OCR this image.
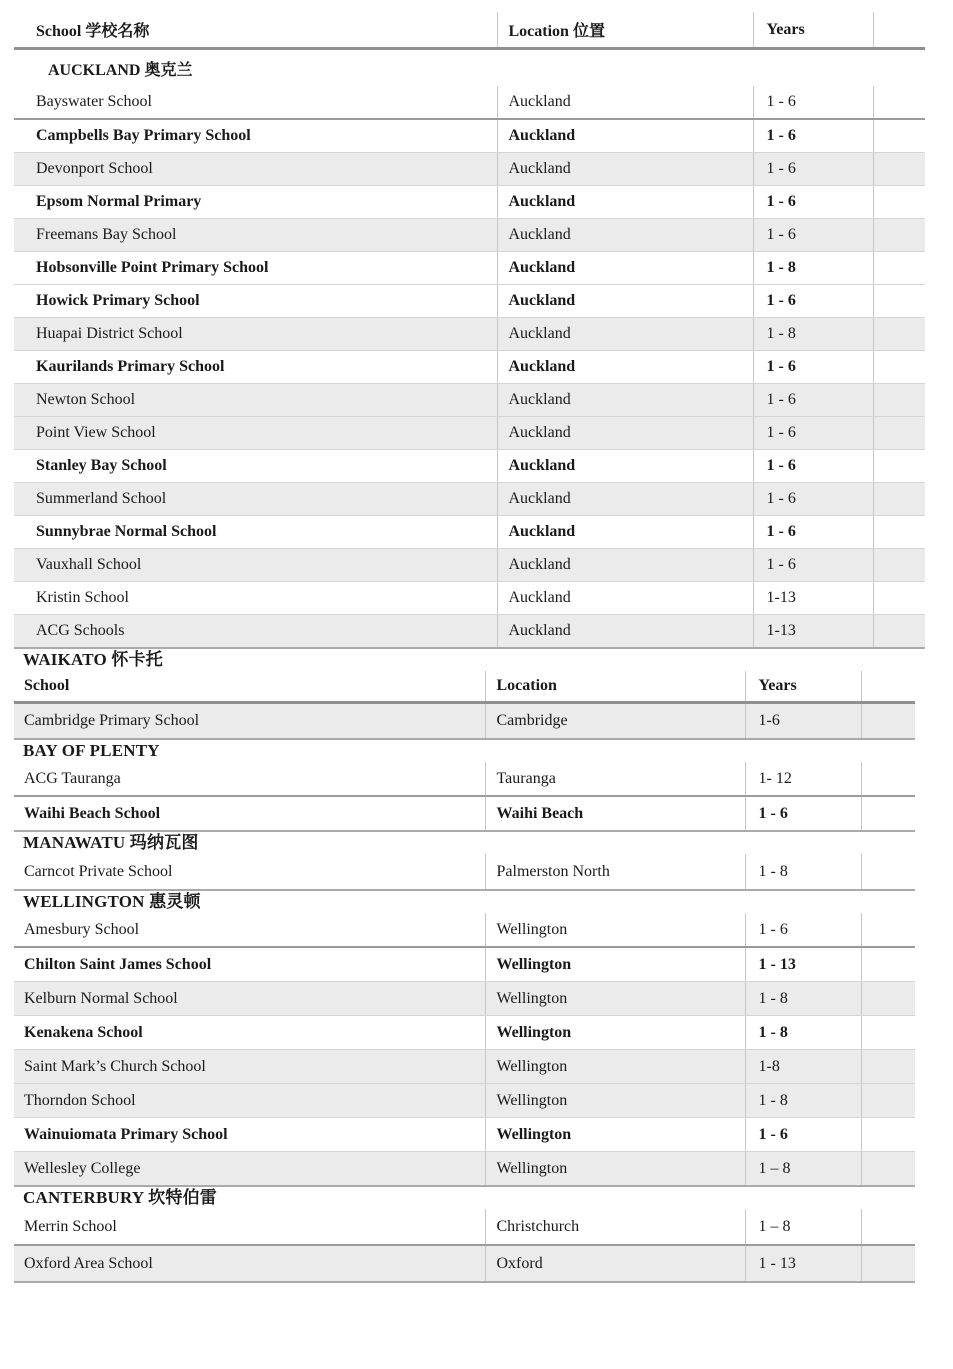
School 学校名称	Location 位置	Years	
AUCKLAND 奥克兰			
Bayswater School	Auckland	1 - 6	
Campbells Bay Primary School	Auckland	1 - 6	
Devonport School	Auckland	1 - 6	
Epsom Normal Primary	Auckland	1 - 6	
Freemans Bay School	Auckland	1 - 6	
Hobsonville Point Primary School	Auckland	1 - 8	
Howick Primary School	Auckland	1 - 6	
Huapai District School	Auckland	1 - 8	
Kaurilands Primary School	Auckland	1 - 6	
Newton School	Auckland	1 - 6	
Point View School	Auckland	1 - 6	
Stanley Bay School	Auckland	1 - 6	
Summerland School	Auckland	1 - 6	
Sunnybrae Normal School	Auckland	1 - 6	
Vauxhall School	Auckland	1 - 6	
Kristin School	Auckland	1-13	
ACG Schools	Auckland	1-13	
WAIKATO 怀卡托
School	Location	Years	
Cambridge Primary School	Cambridge	1-6	
BAY OF PLENTY
ACG Tauranga	Tauranga	1- 12	
Waihi Beach School	Waihi Beach	1 - 6	
MANAWATU 玛纳瓦图
Carncot Private School	Palmerston North	1 - 8	
WELLINGTON 惠灵顿
Amesbury School	Wellington	1 - 6	
Chilton Saint James School	Wellington	1 - 13	
Kelburn Normal School	Wellington	1 - 8	
Kenakena School	Wellington	1 - 8	
Saint Mark’s Church School	Wellington	1-8	
Thorndon School	Wellington	1 - 8	
Wainuiomata Primary School	Wellington	1 - 6	
Wellesley College	Wellington	1 – 8	
CANTERBURY 坎特伯雷
Merrin School	Christchurch	1 – 8	
Oxford Area School	Oxford	1 - 13	
